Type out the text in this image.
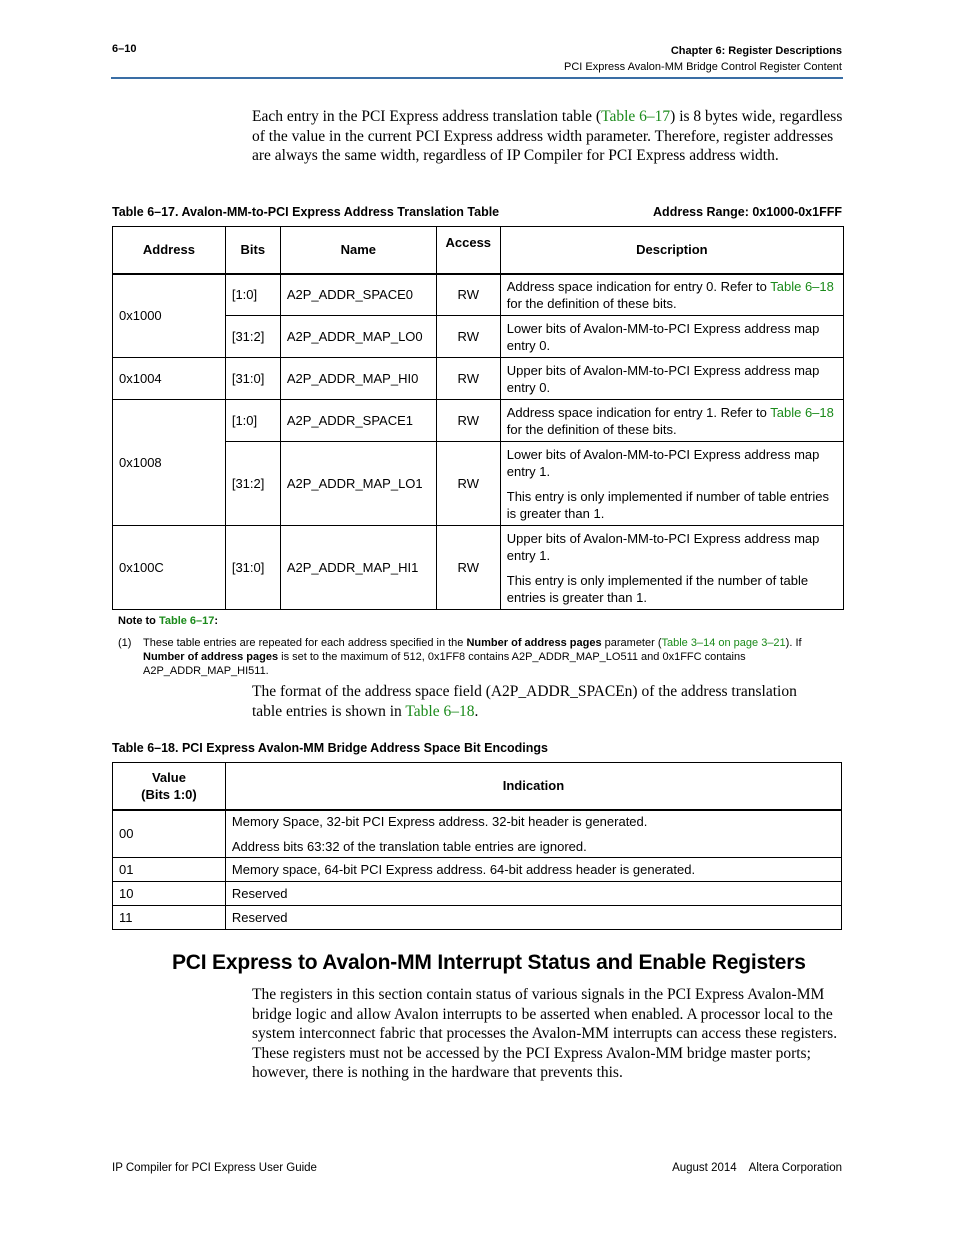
6–10	Chapter 6: Register Descriptions
PCI Express Avalon-MM Bridge Control Register Content
Each entry in the PCI Express address translation table (Table 6–17) is 8 bytes wide, regardless of the value in the current PCI Express address width parameter. Therefore, register addresses are always the same width, regardless of IP Compiler for PCI Express address width.
Table 6–17. Avalon-MM-to-PCI Express Address Translation Table	Address Range: 0x1000-0x1FFF
Address	Bits	Name	Access	Description
0x1000	[1:0]	A2P_ADDR_SPACE0	RW	Address space indication for entry 0. Refer to Table 6–18 for the definition of these bits.

	[31:2]	A2P_ADDR_MAP_LO0	RW	Lower bits of Avalon-MM-to-PCI Express address map entry 0.

0x1004	[31:0]	A2P_ADDR_MAP_HI0	RW	Upper bits of Avalon-MM-to-PCI Express address map entry 0.

0x1008	[1:0]	A2P_ADDR_SPACE1	RW	Address space indication for entry 1. Refer to Table 6–18 for the definition of these bits.

	[31:2]	A2P_ADDR_MAP_LO1	RW	Lower bits of Avalon-MM-to-PCI Express address map entry 1.

This entry is only implemented if number of table entries is greater than 1.

0x100C	[31:0]	A2P_ADDR_MAP_HI1	RW	Upper bits of Avalon-MM-to-PCI Express address map entry 1.

This entry is only implemented if the number of table entries is greater than 1.

Note to Table 6–17:
(1)	These table entries are repeated for each address specified in the Number of address pages parameter (Table 3–14 on page 3–21). If Number of address pages is set to the maximum of 512, 0x1FF8 contains A2P_ADDR_MAP_LO511 and 0x1FFC contains A2P_ADDR_MAP_HI511.
The format of the address space field (A2P_ADDR_SPACEn) of the address translation table entries is shown in Table 6–18.
Table 6–18. PCI Express Avalon-MM Bridge Address Space Bit Encodings
Value
(Bits 1:0)	Indication
00	Memory Space, 32-bit PCI Express address. 32-bit header is generated.

Address bits 63:32 of the translation table entries are ignored.

01	Memory space, 64-bit PCI Express address. 64-bit address header is generated.
10	Reserved
11	Reserved
PCI Express to Avalon-MM Interrupt Status and Enable Registers
The registers in this section contain status of various signals in the PCI Express Avalon-MM bridge logic and allow Avalon interrupts to be asserted when enabled. A processor local to the system interconnect fabric that processes the Avalon-MM interrupts can access these registers. These registers must not be accessed by the PCI Express Avalon-MM bridge master ports; however, there is nothing in the hardware that prevents this.
IP Compiler for PCI Express User Guide	August 2014 Altera Corporation
